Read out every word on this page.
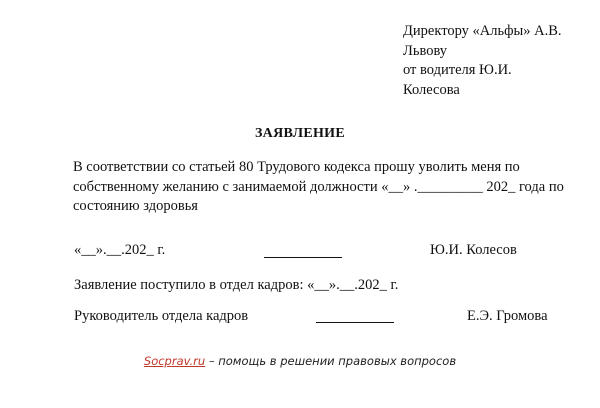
Директору «Альфы» А.В.
Львову
от водителя Ю.И.
Колесова
ЗАЯВЛЕНИЕ
В соответствии со статьей 80 Трудового кодекса прошу уволить меня по
собственному желанию с занимаемой должности «__» ._________ 202_ года по
состоянию здоровья
«__».__.202_ г.	Ю.И. Колесов
Заявление поступило в отдел кадров: «__».__.202_ г.
Руководитель отдела кадров	Е.Э. Громова
Socprav.ru – помощь в решении правовых вопросов
